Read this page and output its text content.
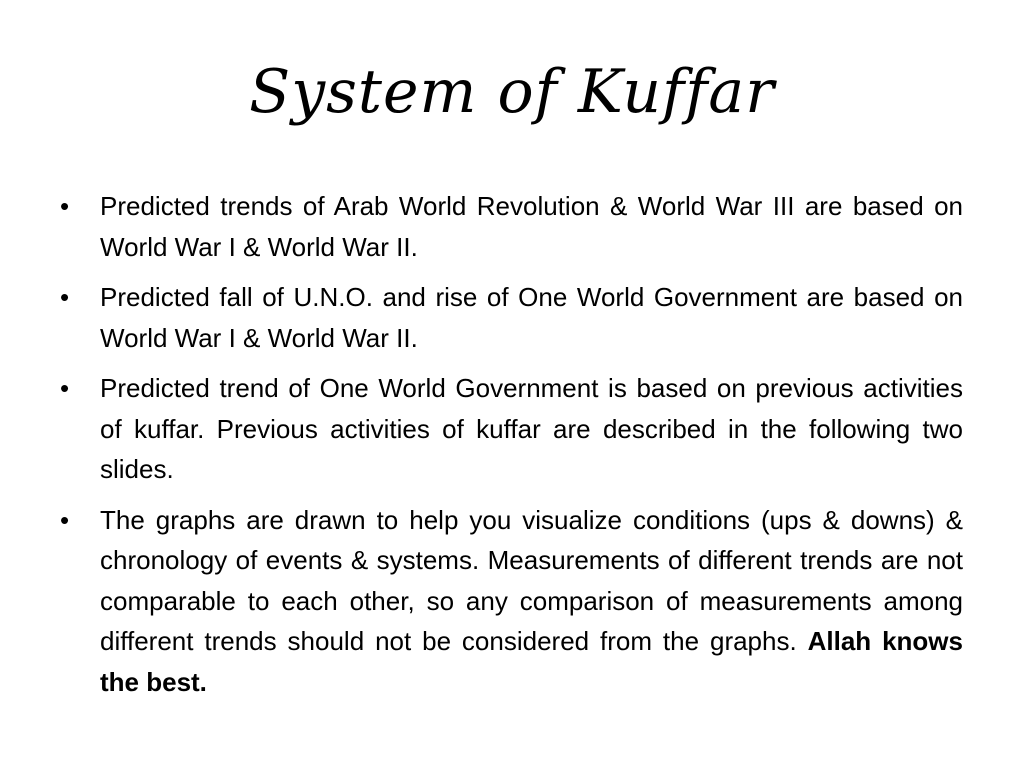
System of Kuffar
•	Predicted trends of Arab World Revolution & World War III are based on World War I & World War II.
•	Predicted fall of U.N.O. and rise of One World Government are based on World War I & World War II.
•	Predicted trend of One World Government is based on previous activities of kuffar. Previous activities of kuffar are described in the following two slides.
•	The graphs are drawn to help you visualize conditions (ups & downs) & chronology of events & systems. Measurements of different trends are not comparable to each other, so any comparison of measurements among different trends should not be considered from the graphs. Allah knows the best.
